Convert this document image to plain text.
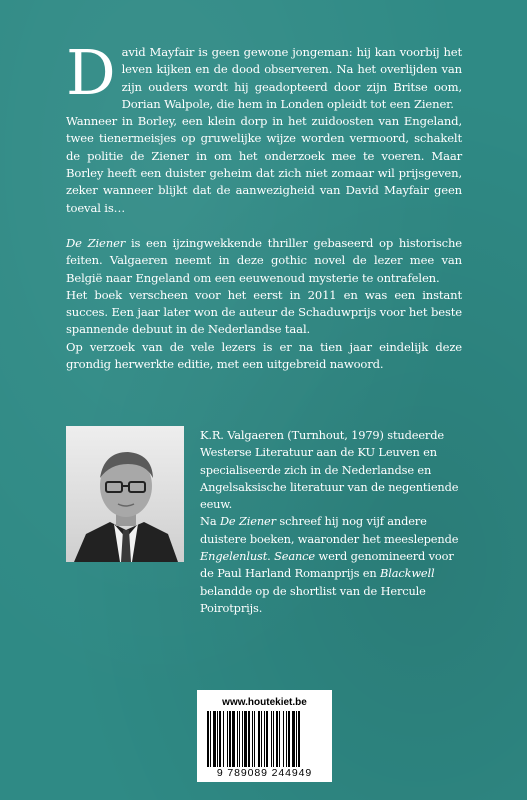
D avid Mayfair is geen gewone jongeman: hij kan voorbij het leven kijken en de dood observeren. Na het overlijden van zijn ouders wordt hij geadopteerd door zijn Britse oom, Dorian Walpole, die hem in Londen opleidt tot een Ziener.

Wanneer in Borley, een klein dorp in het zuidoosten van Engeland, twee tienermeisjes op gruwelijke wijze worden vermoord, schakelt de politie de Ziener in om het onderzoek mee te voeren. Maar Borley heeft een duister geheim dat zich niet zomaar wil prijsgeven, zeker wanneer blijkt dat de aanwezigheid van David Mayfair geen toeval is…

De Ziener is een ijzingwekkende thriller gebaseerd op historische feiten. Valgaeren neemt in deze gothic novel de lezer mee van België naar Engeland om een eeuwenoud mysterie te ontrafelen.

Het boek verscheen voor het eerst in 2011 en was een instant succes. Een jaar later won de auteur de Schaduwprijs voor het beste spannende debuut in de Nederlandse taal.

Op verzoek van de vele lezers is er na tien jaar eindelijk deze grondig herwerkte editie, met een uitgebreid nawoord.

K.R. Valgaeren (Turnhout, 1979) studeerde Westerse Literatuur aan de KU Leuven en specialiseerde zich in de Nederlandse en Angelsaksische literatuur van de negentiende eeuw.

Na De Ziener schreef hij nog vijf andere duistere boeken, waaronder het meeslepende Engelenlust. Seance werd genomineerd voor de Paul Harland Romanprijs en Blackwell belandde op de shortlist van de Hercule Poirotprijs.

www.houtekiet.be
9 789089 244949
